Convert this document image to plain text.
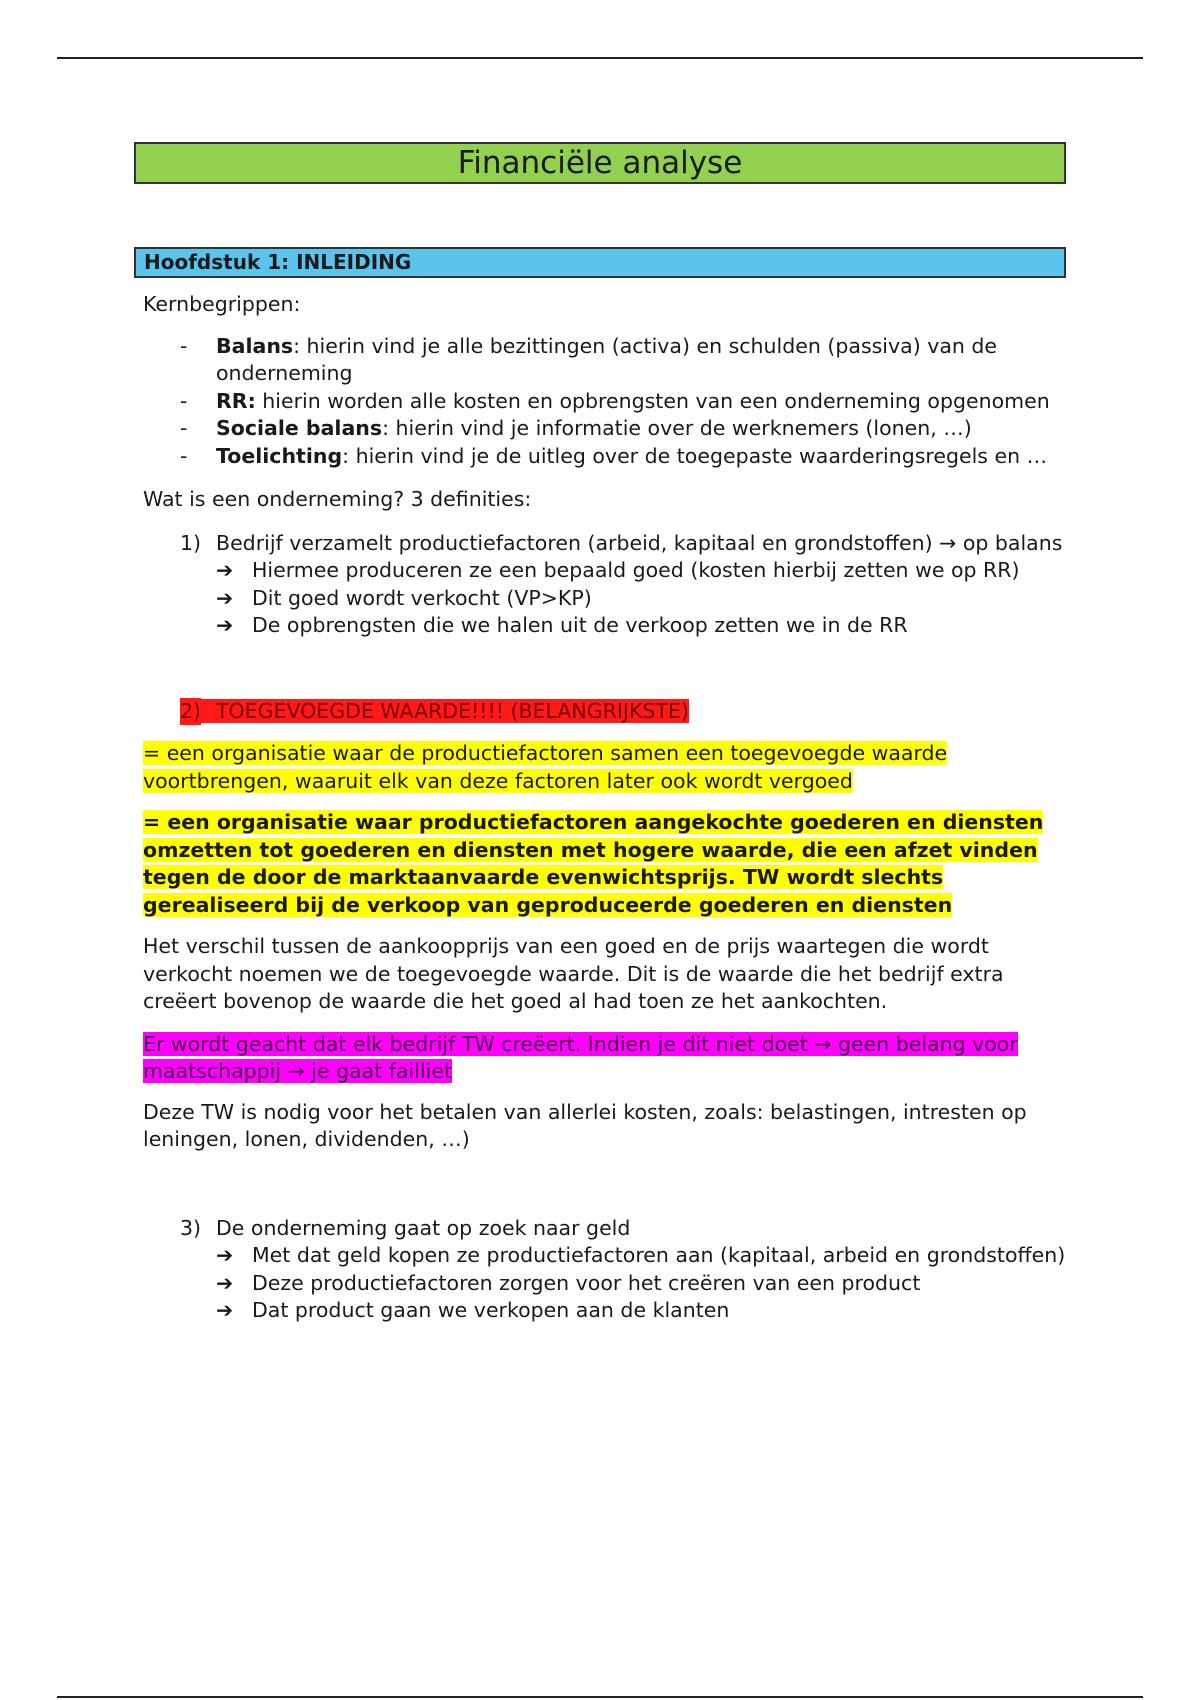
Financiële analyse
Hoofdstuk 1: INLEIDING
Kernbegrippen:
- Balans: hierin vind je alle bezittingen (activa) en schulden (passiva) van de onderneming
- RR: hierin worden alle kosten en opbrengsten van een onderneming opgenomen
- Sociale balans: hierin vind je informatie over de werknemers (lonen, …)
- Toelichting: hierin vind je de uitleg over de toegepaste waarderingsregels en …
Wat is een onderneming? 3 definities:
1) Bedrijf verzamelt productiefactoren (arbeid, kapitaal en grondstoffen) → op balans
➔ Hiermee produceren ze een bepaald goed (kosten hierbij zetten we op RR)
➔ Dit goed wordt verkocht (VP>KP)
➔ De opbrengsten die we halen uit de verkoop zetten we in de RR
2) TOEGEVOEGDE WAARDE!!!! (BELANGRIJKSTE)
= een organisatie waar de productiefactoren samen een toegevoegde waarde voortbrengen, waaruit elk van deze factoren later ook wordt vergoed
= een organisatie waar productiefactoren aangekochte goederen en diensten omzetten tot goederen en diensten met hogere waarde, die een afzet vinden tegen de door de marktaanvaarde evenwichtsprijs. TW wordt slechts gerealiseerd bij de verkoop van geproduceerde goederen en diensten
Het verschil tussen de aankoopprijs van een goed en de prijs waartegen die wordt verkocht noemen we de toegevoegde waarde. Dit is de waarde die het bedrijf extra creëert bovenop de waarde die het goed al had toen ze het aankochten.
Er wordt geacht dat elk bedrijf TW creëert. Indien je dit niet doet → geen belang voor maatschappij → je gaat failliet
Deze TW is nodig voor het betalen van allerlei kosten, zoals: belastingen, intresten op leningen, lonen, dividenden, …)
3) De onderneming gaat op zoek naar geld
➔ Met dat geld kopen ze productiefactoren aan (kapitaal, arbeid en grondstoffen)
➔ Deze productiefactoren zorgen voor het creëren van een product
➔ Dat product gaan we verkopen aan de klanten
